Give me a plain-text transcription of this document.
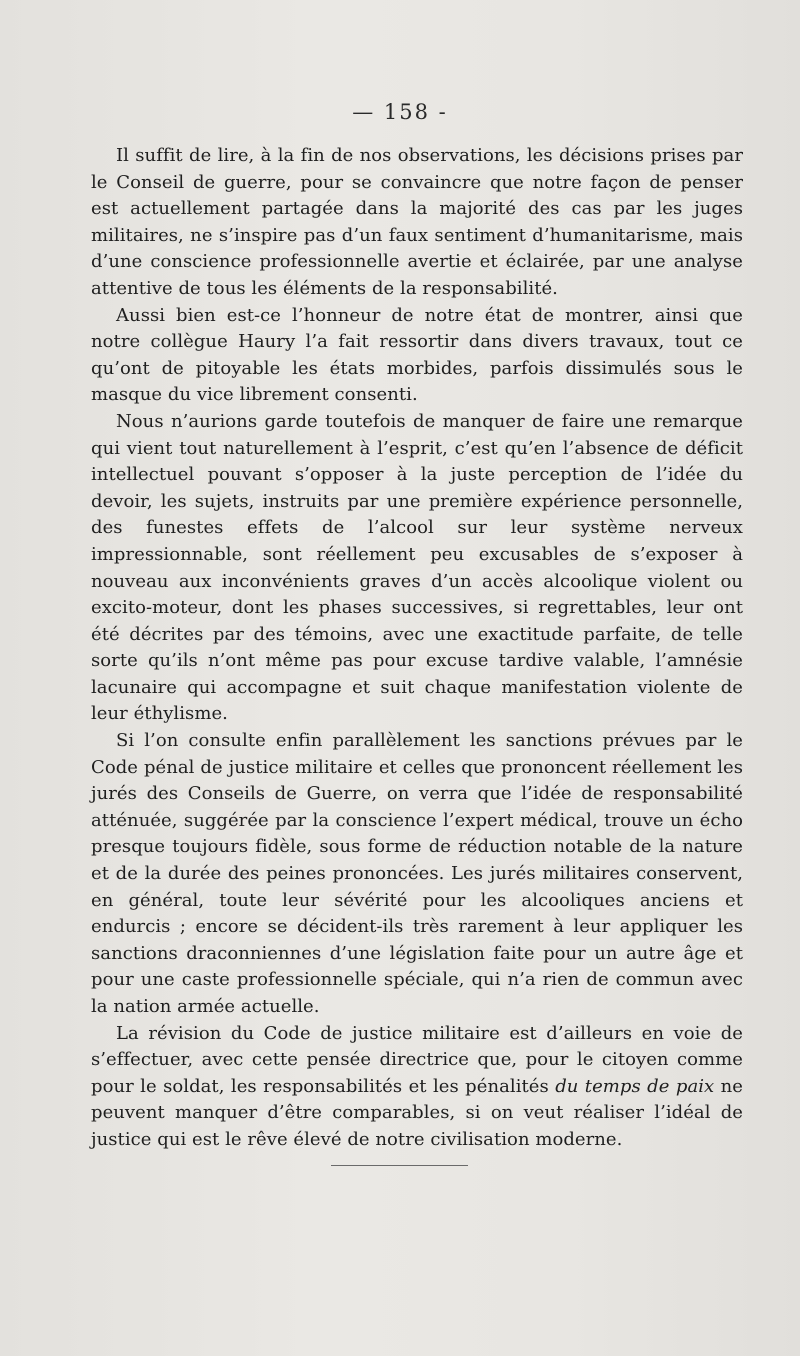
— 158 -

Il suffit de lire, à la fin de nos observations, les décisions prises par le Conseil de guerre, pour se convaincre que notre façon de penser est actuellement partagée dans la majorité des cas par les juges militaires, ne s’inspire pas d’un faux sentiment d’humanitarisme, mais d’une conscience professionnelle avertie et éclairée, par une analyse attentive de tous les éléments de la responsabilité.

Aussi bien est-ce l’honneur de notre état de montrer, ainsi que notre collègue Haury l’a fait ressortir dans divers travaux, tout ce qu’ont de pitoyable les états morbides, parfois dissimulés sous le masque du vice librement consenti.

Nous n’aurions garde toutefois de manquer de faire une remarque qui vient tout naturellement à l’esprit, c’est qu’en l’absence de déficit intellectuel pouvant s’opposer à la juste perception de l’idée du devoir, les sujets, instruits par une première expérience personnelle, des funestes effets de l’alcool sur leur système nerveux impressionnable, sont réellement peu excusables de s’exposer à nouveau aux inconvénients graves d’un accès alcoolique violent ou excito-moteur, dont les phases successives, si regrettables, leur ont été décrites par des témoins, avec une exactitude parfaite, de telle sorte qu’ils n’ont même pas pour excuse tardive valable, l’amnésie lacunaire qui accompagne et suit chaque manifestation violente de leur éthylisme.

Si l’on consulte enfin parallèlement les sanctions prévues par le Code pénal de justice militaire et celles que prononcent réellement les jurés des Conseils de Guerre, on verra que l’idée de responsabilité atténuée, suggérée par la conscience l’expert médical, trouve un écho presque toujours fidèle, sous forme de réduction notable de la nature et de la durée des peines prononcées. Les jurés militaires conservent, en général, toute leur sévérité pour les alcooliques anciens et endurcis ; encore se décident-ils très rarement à leur appliquer les sanctions draconniennes d’une législation faite pour un autre âge et pour une caste professionnelle spéciale, qui n’a rien de commun avec la nation armée actuelle.

La révision du Code de justice militaire est d’ailleurs en voie de s’effectuer, avec cette pensée directrice que, pour le citoyen comme pour le soldat, les responsabilités et les pénalités du temps de paix ne peuvent manquer d’être comparables, si on veut réaliser l’idéal de justice qui est le rêve élevé de notre civilisation moderne.
